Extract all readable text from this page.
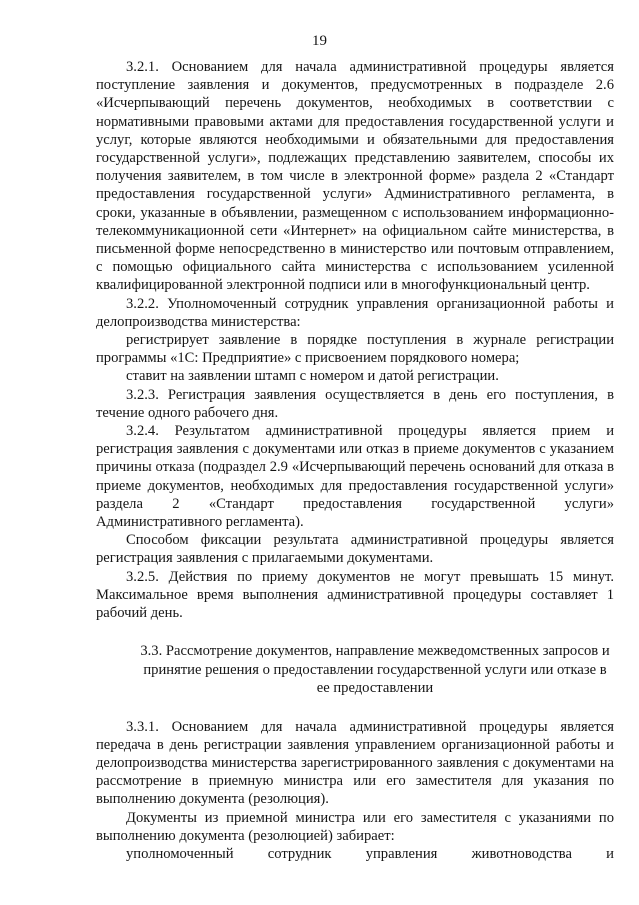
19

3.2.1. Основанием для начала административной процедуры является поступление заявления и документов, предусмотренных в подразделе 2.6 «Исчерпывающий перечень документов, необходимых в соответствии с нормативными правовыми актами для предоставления государственной услуги и услуг, которые являются необходимыми и обязательными для предоставления государственной услуги», подлежащих представлению заявителем, способы их получения заявителем, в том числе в электронной форме» раздела 2 «Стандарт предоставления государственной услуги» Административного регламента, в сроки, указанные в объявлении, размещенном с использованием информационно-телекоммуникационной сети «Интернет» на официальном сайте министерства, в письменной форме непосредственно в министерство или почтовым отправлением, с помощью официального сайта министерства с использованием усиленной квалифицированной электронной подписи или в многофункциональный центр.

3.2.2. Уполномоченный сотрудник управления организационной работы и делопроизводства министерства:

регистрирует заявление в порядке поступления в журнале регистрации программы «1С: Предприятие» с присвоением порядкового номера;

ставит на заявлении штамп с номером и датой регистрации.

3.2.3. Регистрация заявления осуществляется в день его поступления, в течение одного рабочего дня.

3.2.4. Результатом административной процедуры является прием и регистрация заявления с документами или отказ в приеме документов с указанием причины отказа (подраздел 2.9 «Исчерпывающий перечень оснований для отказа в приеме документов, необходимых для предоставления государственной услуги» раздела 2 «Стандарт предоставления государственной услуги» Административного регламента).

Способом фиксации результата административной процедуры является регистрация заявления с прилагаемыми документами.

3.2.5. Действия по приему документов не могут превышать 15 минут. Максимальное время выполнения административной процедуры составляет 1 рабочий день.

3.3. Рассмотрение документов, направление межведомственных запросов и принятие решения о предоставлении государственной услуги или отказе в ее предоставлении

3.3.1. Основанием для начала административной процедуры является передача в день регистрации заявления управлением организационной работы и делопроизводства министерства зарегистрированного заявления с документами на рассмотрение в приемную министра или его заместителя для указания по выполнению документа (резолюция).

Документы из приемной министра или его заместителя с указаниями по выполнению документа (резолюцией) забирает:

уполномоченный сотрудник управления животноводства и
